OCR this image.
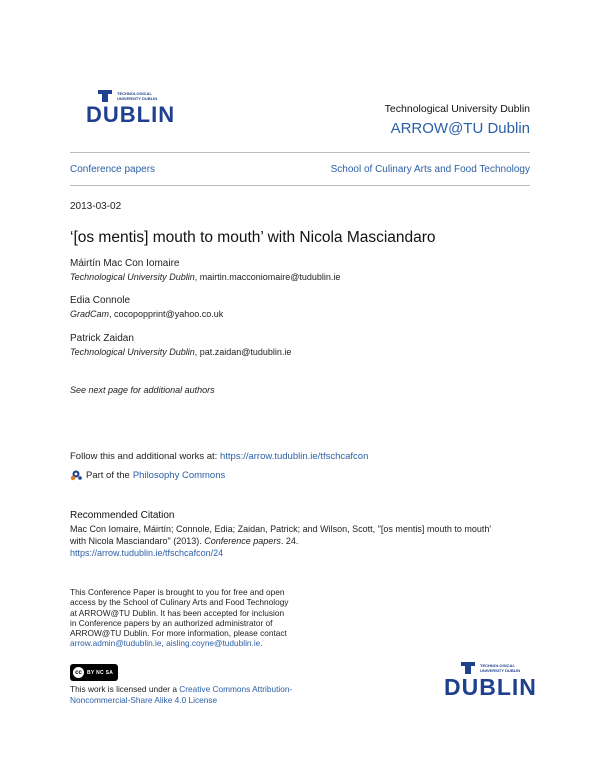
TECHNOLOGICAL
UNIVERSITY DUBLIN
DUBLIN	Technological University Dublin
ARROW@TU Dublin
Conference papers	School of Culinary Arts and Food Technology
2013-03-02
‘[os mentis] mouth to mouth’ with Nicola Masciandaro
Máirtín Mac Con Iomaire
Technological University Dublin, mairtin.macconiomaire@tudublin.ie
Edia Connole
GradCam, cocopopprint@yahoo.co.uk
Patrick Zaidan
Technological University Dublin, pat.zaidan@tudublin.ie
See next page for additional authors
Follow this and additional works at: https://arrow.tudublin.ie/tfschcafcon
Part of the Philosophy Commons
Recommended Citation
Mac Con Iomaire, Máirtín; Connole, Edia; Zaidan, Patrick; and Wilson, Scott, "[os mentis] mouth to mouth'
with Nicola Masciandaro" (2013). Conference papers. 24.
https://arrow.tudublin.ie/tfschcafcon/24
This Conference Paper is brought to you for free and open access by the School of Culinary Arts and Food Technology at ARROW@TU Dublin. It has been accepted for inclusion in Conference papers by an authorized administrator of ARROW@TU Dublin. For more information, please contact arrow.admin@tudublin.ie, aisling.coyne@tudublin.ie.
cc	BY NC SA
This work is licensed under a Creative Commons Attribution-Noncommercial-Share Alike 4.0 License
TECHNOLOGICAL
UNIVERSITY DUBLIN
DUBLIN
